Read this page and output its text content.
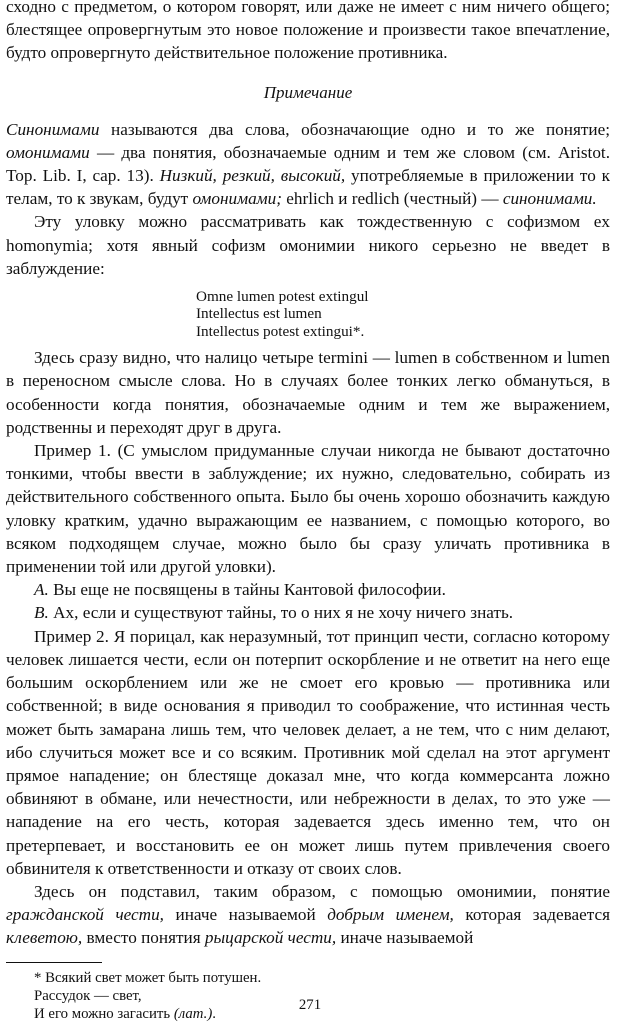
сходно с предметом, о котором говорят, или даже не имеет с ним ничего общего; блестящее опровергнутым это новое положение и произвести такое впечатление, будто опровергнуто действительное положение противника.

Примечание

Синонимами называются два слова, обозначающие одно и то же понятие; омонимами — два понятия, обозначаемые одним и тем же словом (см. Aristot. Top. Lib. I, cap. 13). Низкий, резкий, высокий, употребляемые в приложении то к телам, то к звукам, будут омонимами; ehrlich и redlich (честный) — синонимами.

Эту уловку можно рассматривать как тождественную с софизмом ex homonymia; хотя явный софизм омонимии никого серьезно не введет в заблуждение:

Omne lumen potest extingul
Intellectus est lumen
Intellectus potest extingui*.

Здесь сразу видно, что налицо четыре termini — lumen в собственном и lumen в переносном смысле слова. Но в случаях более тонких легко обмануться, в особенности когда понятия, обозначаемые одним и тем же выражением, родственны и переходят друг в друга.

Пример 1. (С умыслом придуманные случаи никогда не бывают достаточно тонкими, чтобы ввести в заблуждение; их нужно, следовательно, собирать из действительного собственного опыта. Было бы очень хорошо обозначить каждую уловку кратким, удачно выражающим ее названием, с помощью которого, во всяком подходящем случае, можно было бы сразу уличать противника в применении той или другой уловки).

А. Вы еще не посвящены в тайны Кантовой философии.

В. Ах, если и существуют тайны, то о них я не хочу ничего знать.

Пример 2. Я порицал, как неразумный, тот принцип чести, согласно которому человек лишается чести, если он потерпит оскорбление и не ответит на него еще большим оскорблением или же не смоет его кровью — противника или собственной; в виде основания я приводил то соображение, что истинная честь может быть замарана лишь тем, что человек делает, а не тем, что с ним делают, ибо случиться может все и со всяким. Противник мой сделал на этот аргумент прямое нападение; он блестяще доказал мне, что когда коммерсанта ложно обвиняют в обмане, или нечестности, или небрежности в делах, то это уже — нападение на его честь, которая задевается здесь именно тем, что он претерпевает, и восстановить ее он может лишь путем привлечения своего обвинителя к ответственности и отказу от своих слов.

Здесь он подставил, таким образом, с помощью омонимии, понятие гражданской чести, иначе называемой добрым именем, которая задевается клеветою, вместо понятия рыцарской чести, иначе называемой

* Всякий свет может быть потушен.
Рассудок — свет,
И его можно загасить (лат.).
271
